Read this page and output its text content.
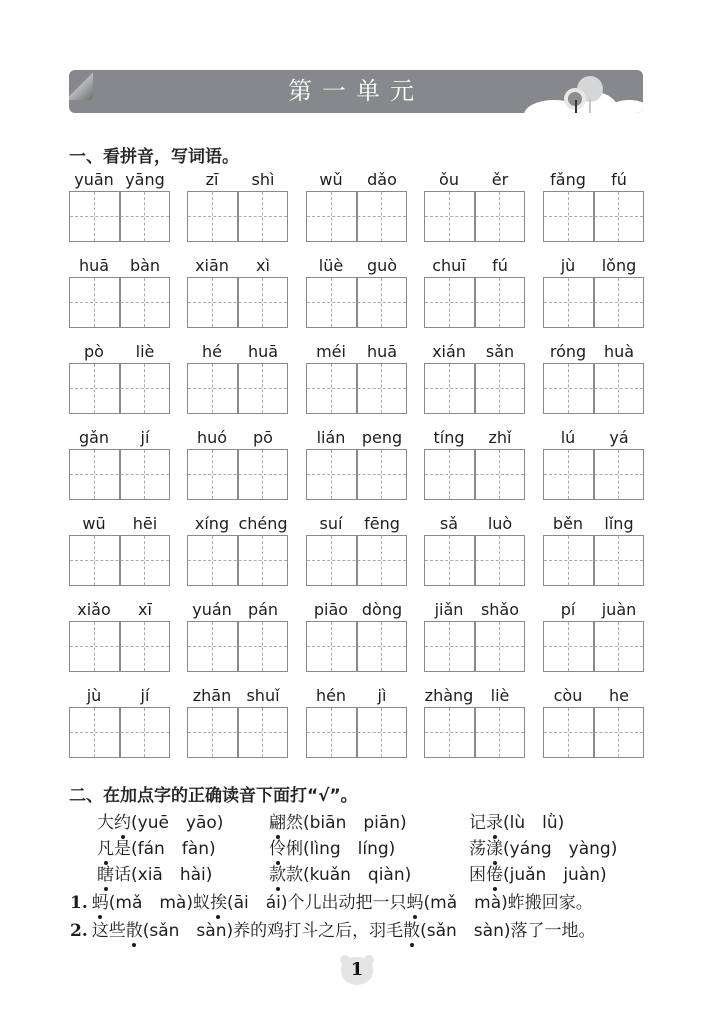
第一单元
一、看拼音，写词语。
yuān yāng	zī	shì	wǔ	dǎo	ǒu	ěr	fǎng	fú
huā	bàn	xiān	xì	lüè	guò	chuī	fú	jù	lǒng
pò	liè	hé	huā	méi	huā	xián	sǎn	róng	huà
gǎn	jí	huó	pō	lián	peng	tíng	zhǐ	lú	yá
wū	hēi	xíng chéng	suí	fēng	sǎ	luò	běn	lǐng
xiǎo	xī	yuán	pán	piāo dòng	jiǎn	shǎo	pí	juàn
jù	jí	zhān shuǐ	hén	jì	zhàng	liè	còu	he
二、在加点字的正确读音下面打“√”。
大约(yuē　yāo)	翩然(biān　piān)	记录(lù　lǜ)
凡是(fán　fàn)	伶俐(lìng　líng)	荡漾(yáng　yàng)
瞎话(xiā　hài)	款款(kuǎn　qiàn)	困倦(juǎn　juàn)
1. 蚂(mǎ　mà)蚁挨(āi　ái)个儿出动把一只蚂(mǎ　mà)蚱搬回家。
2. 这些散(sǎn　sàn)养的鸡打斗之后，羽毛散(sǎn　sàn)落了一地。
1
